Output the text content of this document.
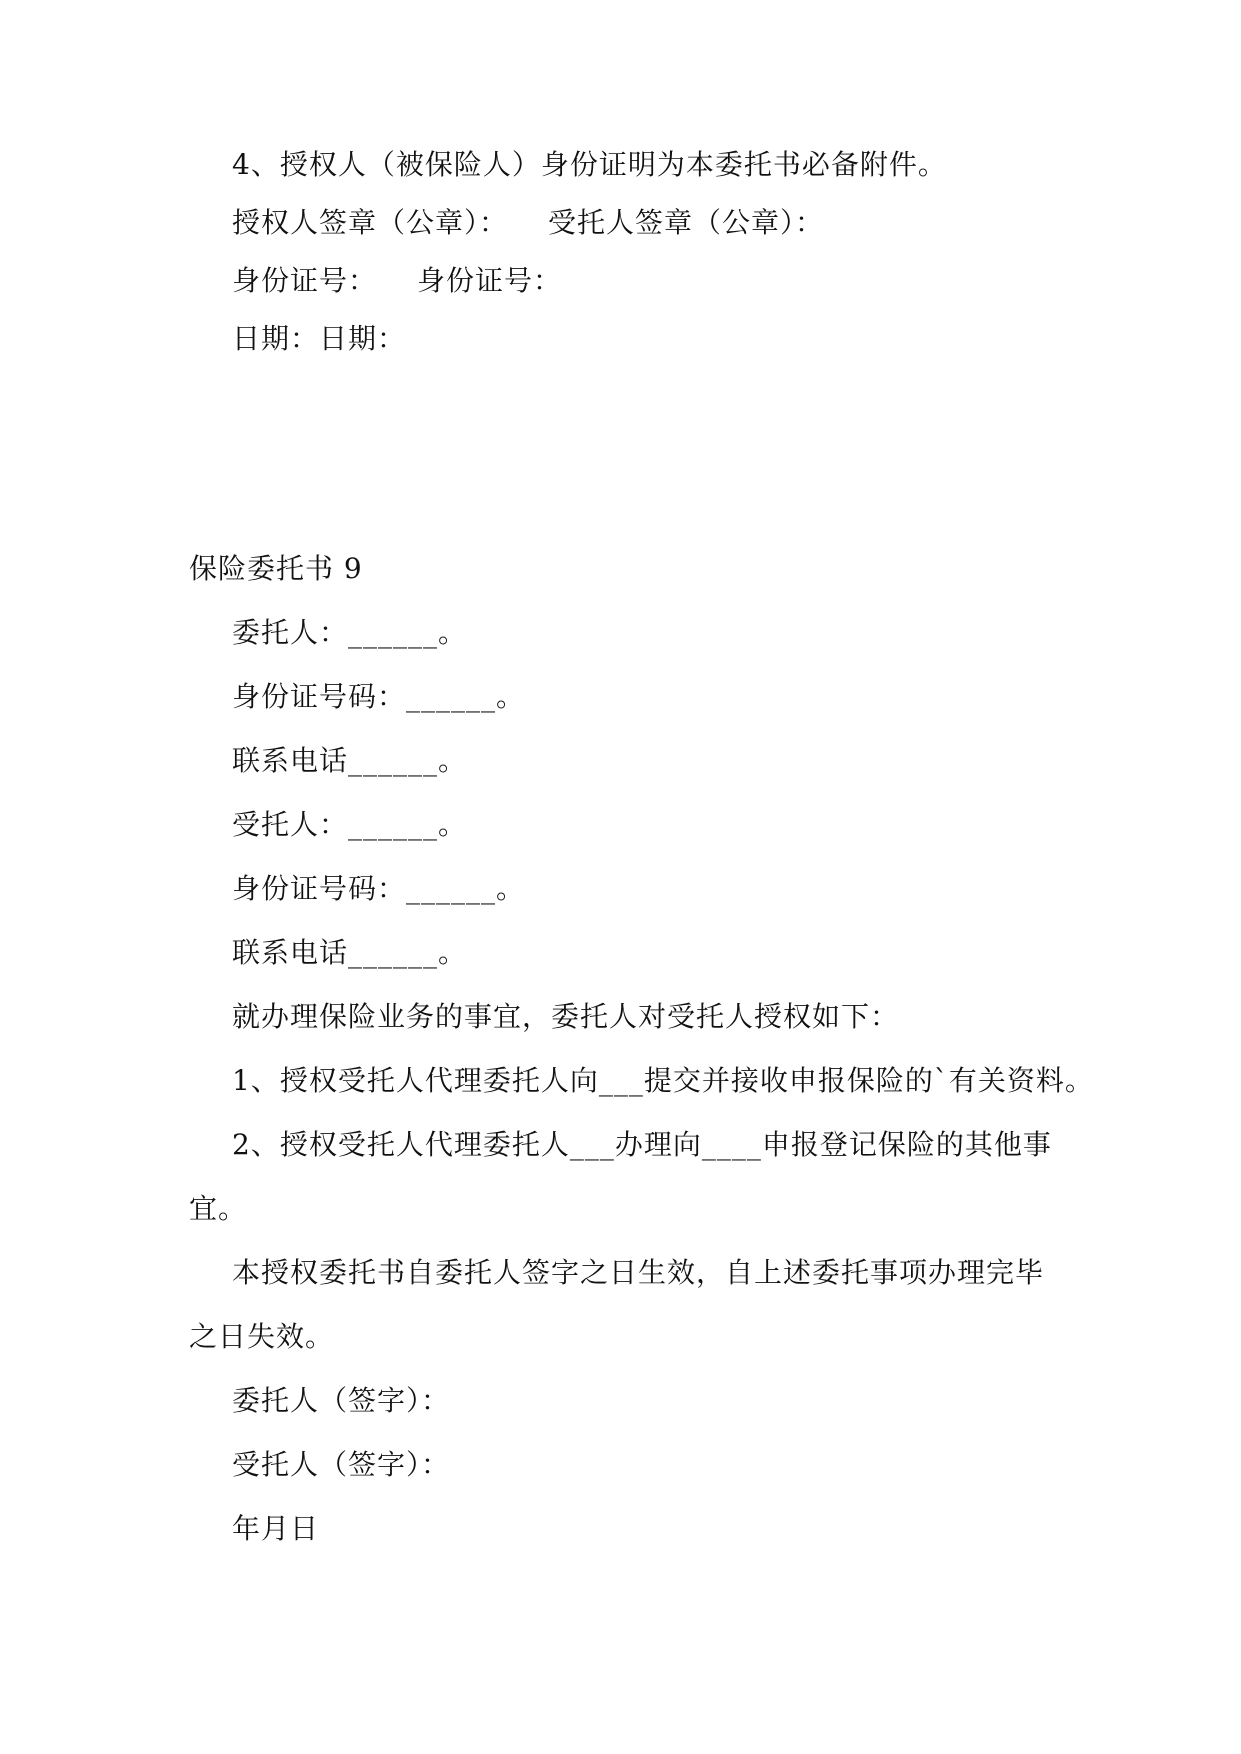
4、授权人（被保险人）身份证明为本委托书必备附件。
授权人签章（公章）： 受托人签章（公章）：
身份证号： 身份证号：
日期：日期：
保险委托书 9
委托人：______。
身份证号码：______。
联系电话______。
受托人：______。
身份证号码：______。
联系电话______。
就办理保险业务的事宜，委托人对受托人授权如下：
1、授权受托人代理委托人向___提交并接收申报保险的`有关资料。
2、授权受托人代理委托人___办理向____申报登记保险的其他事
宜。
本授权委托书自委托人签字之日生效，自上述委托事项办理完毕
之日失效。
委托人（签字）：
受托人（签字）：
年月日
